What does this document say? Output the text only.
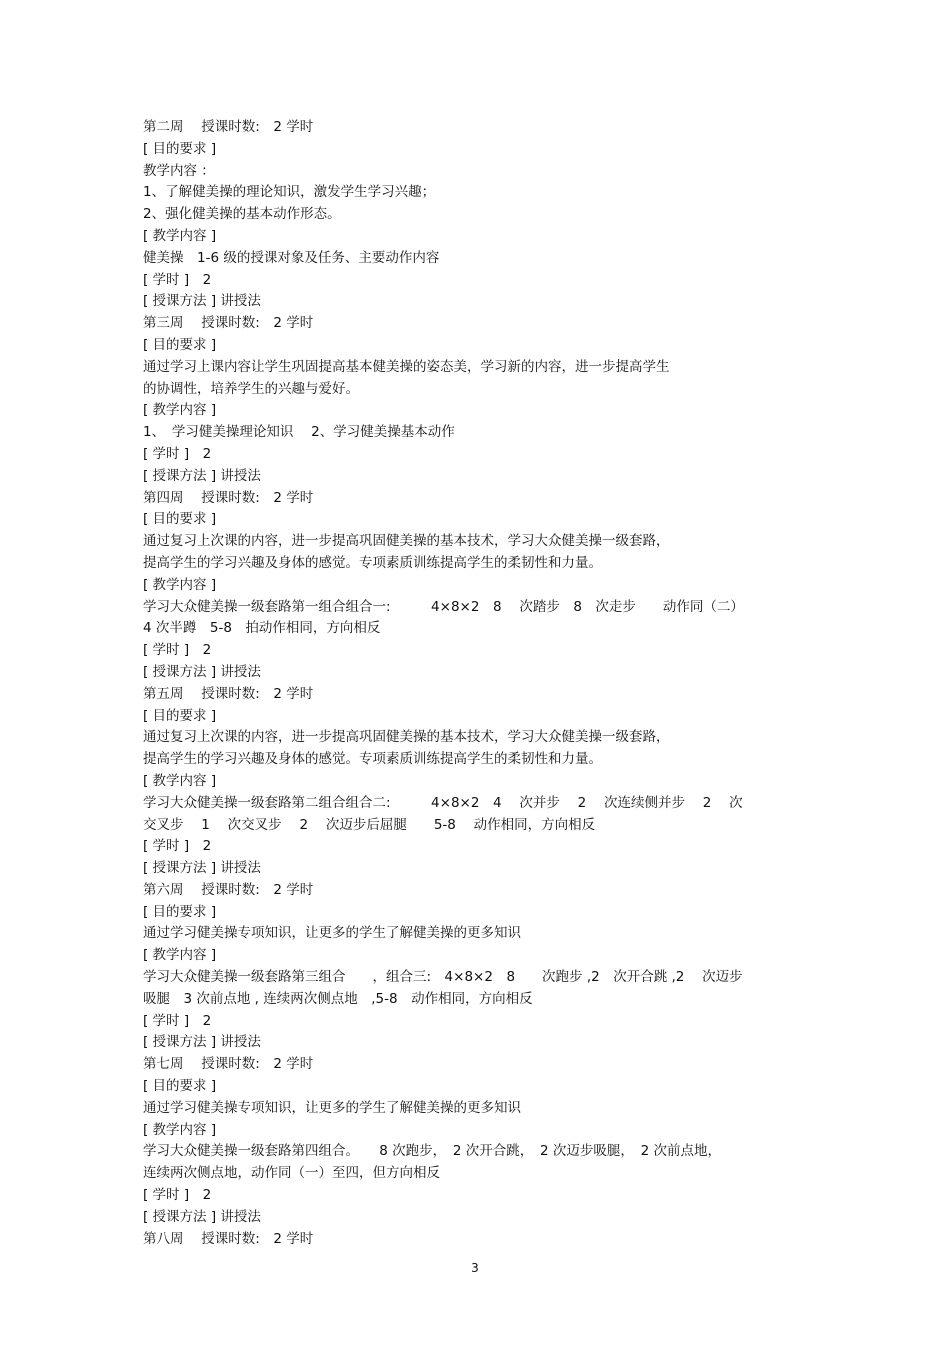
第二周　 授课时数:　2 学时
[ 目的要求 ]
教学内容 ：
1、了解健美操的理论知识，激发学生学习兴趣；
2、强化健美操的基本动作形态。
[ 教学内容 ]
健美操　1-6 级的授课对象及任务、主要动作内容
[ 学时 ]　2
[ 授课方法 ] 讲授法
第三周　 授课时数:　2 学时
[ 目的要求 ]
通过学习上课内容让学生巩固提高基本健美操的姿态美，学习新的内容，进一步提高学生
的协调性，培养学生的兴趣与爱好。
[ 教学内容 ]
1、　学习健美操理论知识　 2、学习健美操基本动作
[ 学时 ]　2
[ 授课方法 ] 讲授法
第四周　 授课时数:　2 学时
[ 目的要求 ]
通过复习上次课的内容，进一步提高巩固健美操的基本技术，学习大众健美操一级套路，
提高学生的学习兴趣及身体的感觉。专项素质训练提高学生的柔韧性和力量。
[ 教学内容 ]
学习大众健美操一级套路第一组合组合一:　　　4×8×2　8　 次踏步　8　次走步　　动作同（二）
4 次半蹲　5-8　拍动作相同，方向相反
[ 学时 ]　2
[ 授课方法 ] 讲授法
第五周　 授课时数:　2 学时
[ 目的要求 ]
通过复习上次课的内容，进一步提高巩固健美操的基本技术，学习大众健美操一级套路，
提高学生的学习兴趣及身体的感觉。专项素质训练提高学生的柔韧性和力量。
[ 教学内容 ]
学习大众健美操一级套路第二组合组合二:　　　4×8×2　4　 次并步　 2　 次连续侧并步　 2　 次
交叉步　 1　 次交叉步　 2　 次迈步后屈腿　　5-8　 动作相同，方向相反
[ 学时 ]　2
[ 授课方法 ] 讲授法
第六周　 授课时数:　2 学时
[ 目的要求 ]
通过学习健美操专项知识，让更多的学生了解健美操的更多知识
[ 教学内容 ]
学习大众健美操一级套路第三组合　　，组合三:　4×8×2　8　　次跑步 ,2　次开合跳 ,2　 次迈步
吸腿　3 次前点地 , 连续两次侧点地　,5-8　动作相同，方向相反
[ 学时 ]　2
[ 授课方法 ] 讲授法
第七周　 授课时数:　2 学时
[ 目的要求 ]
通过学习健美操专项知识，让更多的学生了解健美操的更多知识
[ 教学内容 ]
学习大众健美操一级套路第四组合。　　8 次跑步，　2 次开合跳，　2 次迈步吸腿，　2 次前点地，
连续两次侧点地，动作同（一）至四，但方向相反
[ 学时 ]　2
[ 授课方法 ] 讲授法
第八周　 授课时数:　2 学时
3
